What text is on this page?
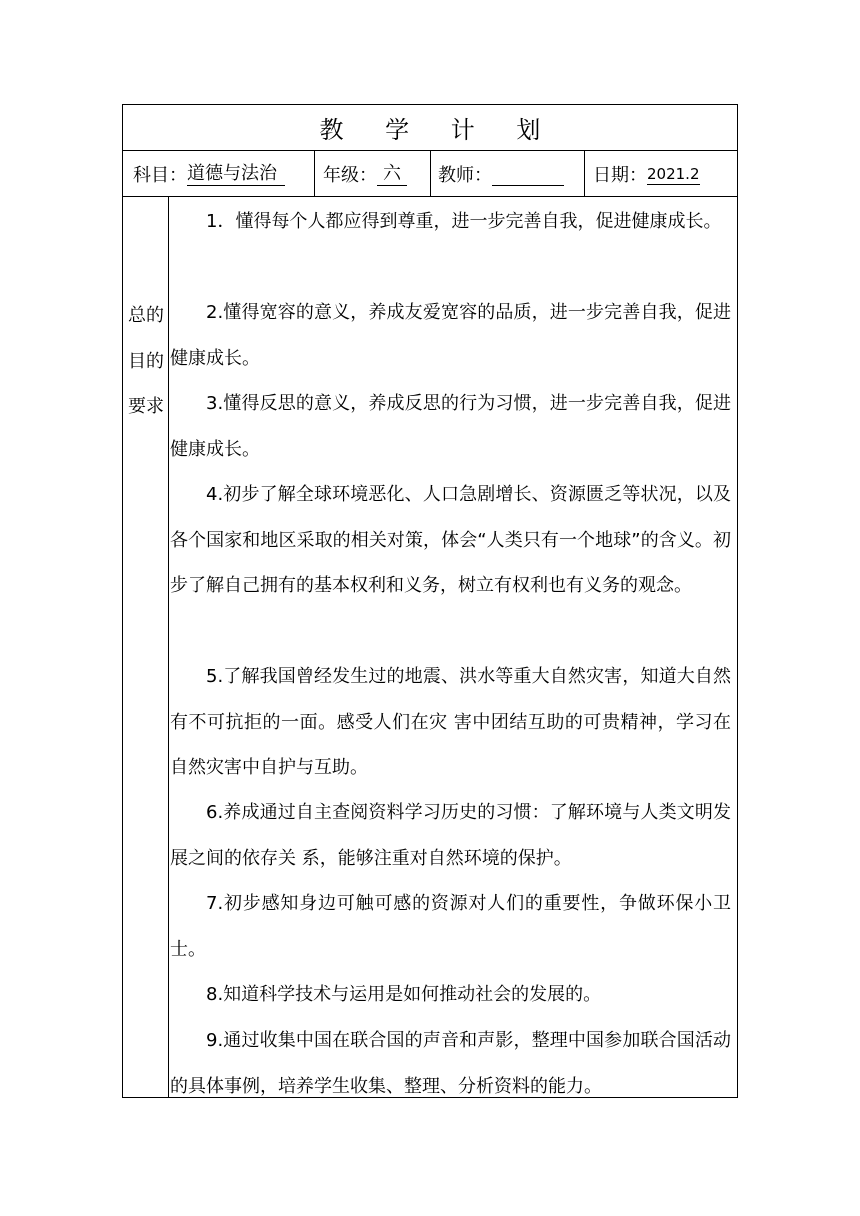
教 学 计 划
科目： 道德与法治	年级： 六	教师：	日期： 2021.2
总的目的要求
1．懂得每个人都应得到尊重，进一步完善自我，促进健康成长。
2.懂得宽容的意义，养成友爱宽容的品质，进一步完善自我，促进健康成长。
3.懂得反思的意义，养成反思的行为习惯，进一步完善自我，促进健康成长。
4.初步了解全球环境恶化、人口急剧增长、资源匮乏等状况，以及各个国家和地区采取的相关对策，体会“人类只有一个地球”的含义。初步了解自己拥有的基本权利和义务，树立有权利也有义务的观念。
5.了解我国曾经发生过的地震、洪水等重大自然灾害，知道大自然有不可抗拒的一面。感受人们在灾 害中团结互助的可贵精神，学习在自然灾害中自护与互助。
6.养成通过自主查阅资料学习历史的习惯：了解环境与人类文明发展之间的依存关 系，能够注重对自然环境的保护。
7.初步感知身边可触可感的资源对人们的重要性，争做环保小卫士。
8.知道科学技术与运用是如何推动社会的发展的。
9.通过收集中国在联合国的声音和声影，整理中国参加联合国活动的具体事例，培养学生收集、整理、分析资料的能力。
